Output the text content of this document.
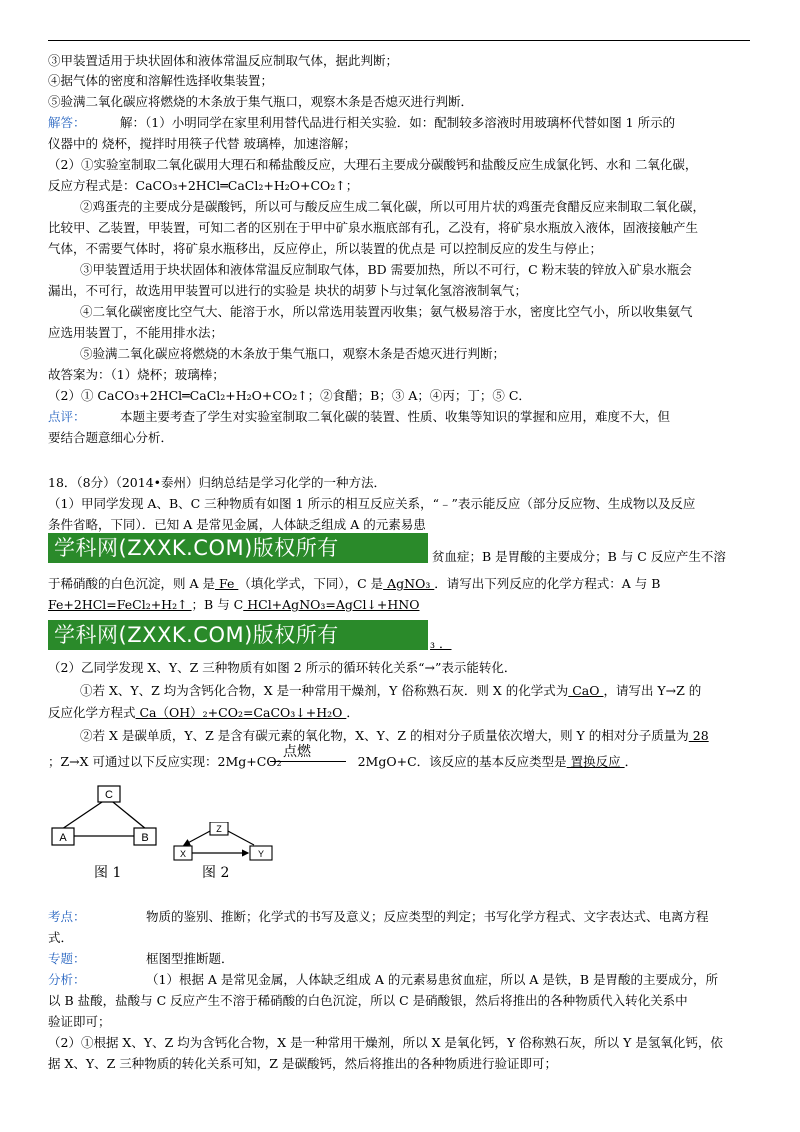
③甲装置适用于块状固体和液体常温反应制取气体，据此判断；
④据气体的密度和溶解性选择收集装置；
⑤验满二氧化碳应将燃烧的木条放于集气瓶口，观察木条是否熄灭进行判断．
解答：	解：（1）小明同学在家里利用替代品进行相关实验．如：配制较多溶液时用玻璃杯代替如图 1 所示的
仪器中的 烧杯，搅拌时用筷子代替 玻璃棒，加速溶解；
（2）①实验室制取二氧化碳用大理石和稀盐酸反应，大理石主要成分碳酸钙和盐酸反应生成氯化钙、水和 二氧化碳，
反应方程式是：CaCO₃+2HCl═CaCl₂+H₂O+CO₂↑；
②鸡蛋壳的主要成分是碳酸钙，所以可与酸反应生成二氧化碳，所以可用片状的鸡蛋壳食醋反应来制取二氧化碳，
比较甲、乙装置，甲装置，可知二者的区别在于甲中矿泉水瓶底部有孔，乙没有，将矿泉水瓶放入液体，固液接触产生
气体，不需要气体时，将矿泉水瓶移出，反应停止，所以装置的优点是 可以控制反应的发生与停止；
③甲装置适用于块状固体和液体常温反应制取气体，BD 需要加热，所以不可行，C 粉末装的锌放入矿泉水瓶会
漏出，不可行，故选用甲装置可以进行的实验是 块状的胡萝卜与过氧化氢溶液制氧气；
④二氧化碳密度比空气大、能溶于水，所以常选用装置丙收集；氨气极易溶于水，密度比空气小，所以收集氨气
应选用装置丁，不能用排水法；
⑤验满二氧化碳应将燃烧的木条放于集气瓶口，观察木条是否熄灭进行判断；
故答案为：（1）烧杯；玻璃棒；
（2）① CaCO₃+2HCl═CaCl₂+H₂O+CO₂↑；②食醋；B；③ A；④丙；丁；⑤ C．
点评：	本题主要考查了学生对实验室制取二氧化碳的装置、性质、收集等知识的掌握和应用，难度不大，但
要结合题意细心分析．
18．（8分）（2014•泰州）归纳总结是学习化学的一种方法．
（1）甲同学发现 A、B、C 三种物质有如图 1 所示的相互反应关系，“﹣”表示能反应（部分反应物、生成物以及反应
条件省略，下同）．已知 A 是常见金属，人体缺乏组成 A 的元素易患
学科网(ZXXK.COM)版权所有	贫血症；B 是胃酸的主要成分；B 与 C 反应产生不溶
于稀硝酸的白色沉淀，则 A 是 Fe （填化学式，下同），C 是 AgNO₃ ．请写出下列反应的化学方程式：A 与 B
Fe+2HCl=FeCl₂+H₂↑ ；B 与 C HCl+AgNO₃=AgCl↓+HNO
学科网(ZXXK.COM)版权所有	₃ ．
（2）乙同学发现 X、Y、Z 三种物质有如图 2 所示的循环转化关系“→”表示能转化．
①若 X、Y、Z 均为含钙化合物，X 是一种常用干燥剂，Y 俗称熟石灰．则 X 的化学式为 CaO ，请写出 Y→Z 的
反应化学方程式 Ca（OH）₂+CO₂=CaCO₃↓+H₂O ．
②若 X 是碳单质，Y、Z 是含有碳元素的氧化物，X、Y、Z 的相对分子质量依次增大，则 Y 的相对分子质量为 28
点燃
；Z→X 可通过以下反应实现：2Mg+CO₂	2MgO+C．该反应的基本反应类型是 置换反应 ．
C
A	B
图 1
Z
X	Y
图 2
考点：	物质的鉴别、推断；化学式的书写及意义；反应类型的判定；书写化学方程式、文字表达式、电离方程
式．
专题：	框图型推断题．
分析：	（1）根据 A 是常见金属，人体缺乏组成 A 的元素易患贫血症，所以 A 是铁，B 是胃酸的主要成分，所
以 B 盐酸，盐酸与 C 反应产生不溶于稀硝酸的白色沉淀，所以 C 是硝酸银，然后将推出的各种物质代入转化关系中
验证即可；
（2）①根据 X、Y、Z 均为含钙化合物，X 是一种常用干燥剂，所以 X 是氧化钙，Y 俗称熟石灰，所以 Y 是氢氧化钙，依
据 X、Y、Z 三种物质的转化关系可知，Z 是碳酸钙，然后将推出的各种物质进行验证即可；
